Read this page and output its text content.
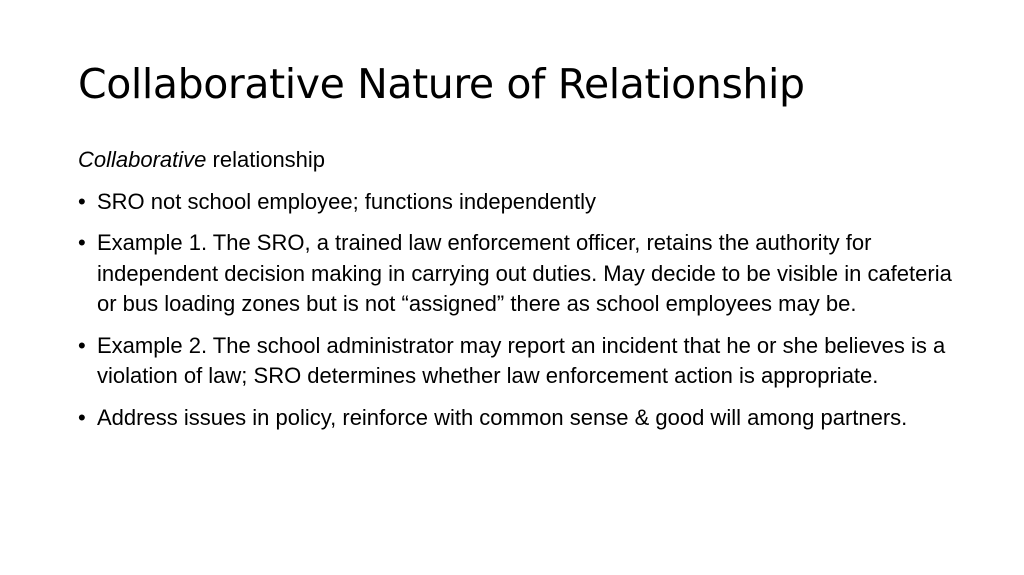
Collaborative Nature of Relationship

Collaborative relationship

• SRO not school employee; functions independently
• Example 1. The SRO, a trained law enforcement officer, retains the authority for independent decision making in carrying out duties. May decide to be visible in cafeteria or bus loading zones but is not “assigned” there as school employees may be.
• Example 2. The school administrator may report an incident that he or she believes is a violation of law; SRO determines whether law enforcement action is appropriate.
• Address issues in policy, reinforce with common sense & good will among partners.
